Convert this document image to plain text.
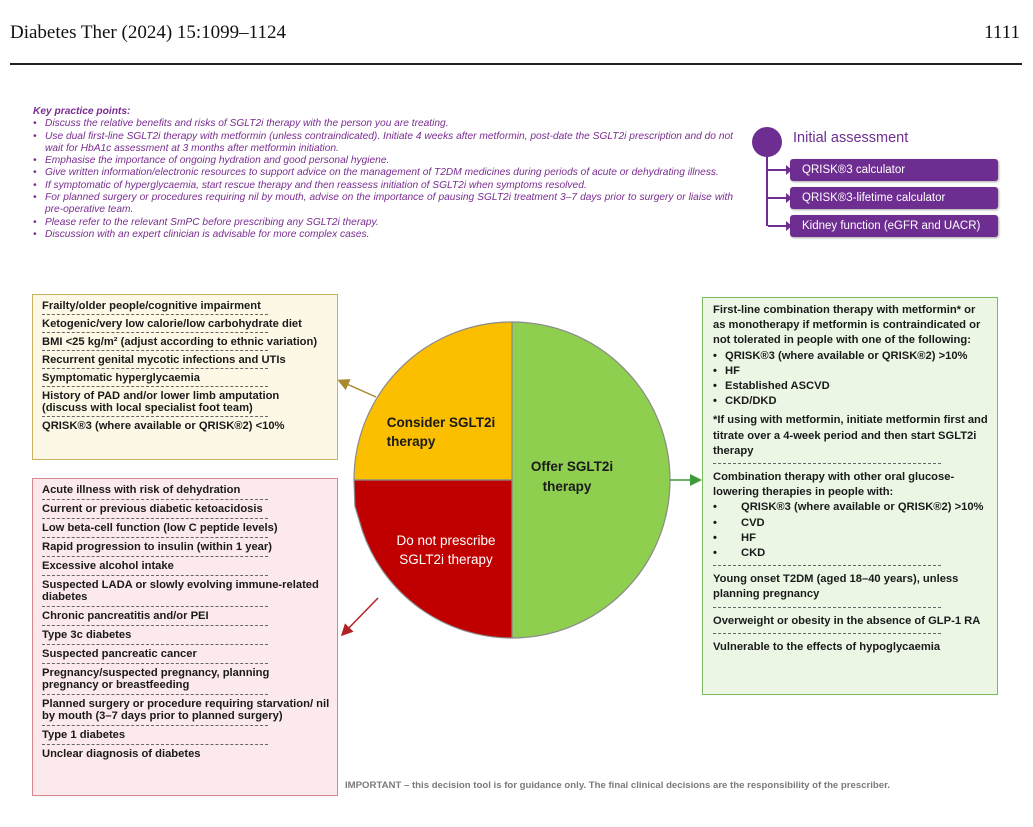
Diabetes Ther (2024) 15:1099–1124	1111
Key practice points:
• Discuss the relative benefits and risks of SGLT2i therapy with the person you are treating.
• Use dual first-line SGLT2i therapy with metformin (unless contraindicated). Initiate 4 weeks after metformin, post-date the SGLT2i prescription and do not wait for HbA1c assessment at 3 months after metformin initiation.
• Emphasise the importance of ongoing hydration and good personal hygiene.
• Give written information/electronic resources to support advice on the management of T2DM medicines during periods of acute or dehydrating illness.
• If symptomatic of hyperglycaemia, start rescue therapy and then reassess initiation of SGLT2i when symptoms resolved.
• For planned surgery or procedures requiring nil by mouth, advise on the importance of pausing SGLT2i treatment 3–7 days prior to surgery or liaise with pre-operative team.
• Please refer to the relevant SmPC before prescribing any SGLT2i therapy.
• Discussion with an expert clinician is advisable for more complex cases.
Initial assessment
QRISK®3 calculator
QRISK®3-lifetime calculator
Kidney function (eGFR and UACR)
Consider SGLT2i
therapy
Offer SGLT2i
therapy
Do not prescribe
SGLT2i therapy
Frailty/older people/cognitive impairment
Ketogenic/very low calorie/low carbohydrate diet
BMI <25 kg/m² (adjust according to ethnic variation)
Recurrent genital mycotic infections and UTIs
Symptomatic hyperglycaemia
History of PAD and/or lower limb amputation (discuss with local specialist foot team)
QRISK®3 (where available or QRISK®2) <10%
Acute illness with risk of dehydration
Current or previous diabetic ketoacidosis
Low beta-cell function (low C peptide levels)
Rapid progression to insulin (within 1 year)
Excessive alcohol intake
Suspected LADA or slowly evolving immune-related diabetes
Chronic pancreatitis and/or PEI
Type 3c diabetes
Suspected pancreatic cancer
Pregnancy/suspected pregnancy, planning pregnancy or breastfeeding
Planned surgery or procedure requiring starvation/ nil by mouth (3–7 days prior to planned surgery)
Type 1 diabetes
Unclear diagnosis of diabetes
First-line combination therapy with metformin* or as monotherapy if metformin is contraindicated or not tolerated in people with one of the following:
• QRISK®3 (where available or QRISK®2) >10%
• HF
• Established ASCVD
• CKD/DKD
*If using with metformin, initiate metformin first and titrate over a 4-week period and then start SGLT2i therapy
Combination therapy with other oral glucose-lowering therapies in people with:
• QRISK®3 (where available or QRISK®2) >10%
• CVD
• HF
• CKD
Young onset T2DM (aged 18–40 years), unless planning pregnancy
Overweight or obesity in the absence of GLP-1 RA
Vulnerable to the effects of hypoglycaemia
IMPORTANT – this decision tool is for guidance only. The final clinical decisions are the responsibility of the prescriber.
